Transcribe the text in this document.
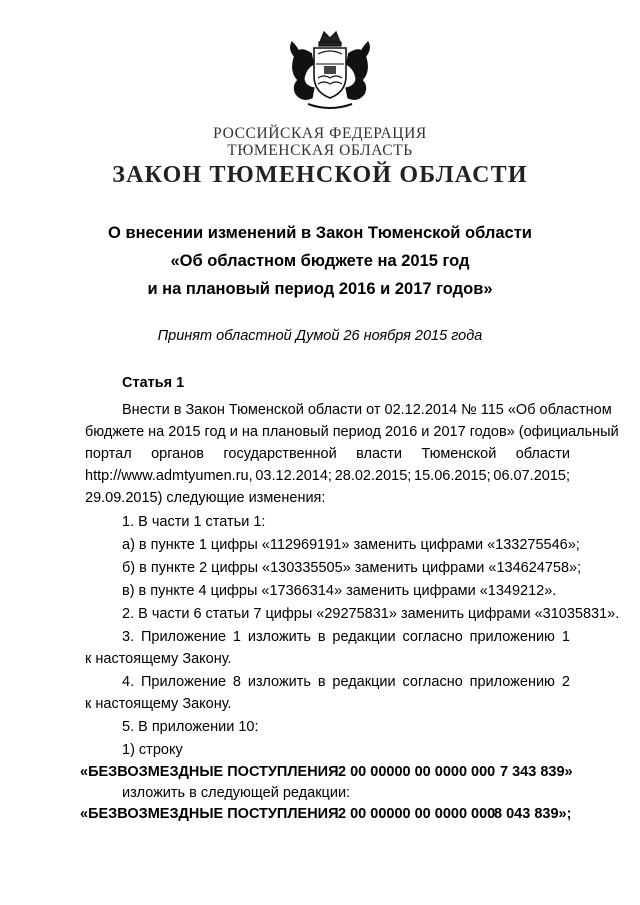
РОССИЙСКАЯ ФЕДЕРАЦИЯ
ТЮМЕНСКАЯ ОБЛАСТЬ
ЗАКОН ТЮМЕНСКОЙ ОБЛАСТИ
О внесении изменений в Закон Тюменской области
«Об областном бюджете на 2015 год
и на плановый период 2016 и 2017 годов»
Принят областной Думой 26 ноября 2015 года
Статья 1
Внести в Закон Тюменской области от 02.12.2014 № 115 «Об областном
бюджете на 2015 год и на плановый период 2016 и 2017 годов» (официальный
портал органов государственной власти Тюменской области
http://www.admtyumen.ru, 03.12.2014; 28.02.2015; 15.06.2015; 06.07.2015;
29.09.2015) следующие изменения:
1. В части 1 статьи 1:
а) в пункте 1 цифры «112969191» заменить цифрами «133275546»;
б) в пункте 2 цифры «130335505» заменить цифрами «134624758»;
в) в пункте 4 цифры «17366314» заменить цифрами «1349212».
2. В части 6 статьи 7 цифры «29275831» заменить цифрами «31035831».
3. Приложение 1 изложить в редакции согласно приложению 1
к настоящему Закону.
4. Приложение 8 изложить в редакции согласно приложению 2
к настоящему Закону.
5. В приложении 10:
1) строку
«БЕЗВОЗМЕЗДНЫЕ ПОСТУПЛЕНИЯ 2 00 00000 00 0000 000 7 343 839»
изложить в следующей редакции:
«БЕЗВОЗМЕЗДНЫЕ ПОСТУПЛЕНИЯ 2 00 00000 00 0000 000
8 043 839»;
